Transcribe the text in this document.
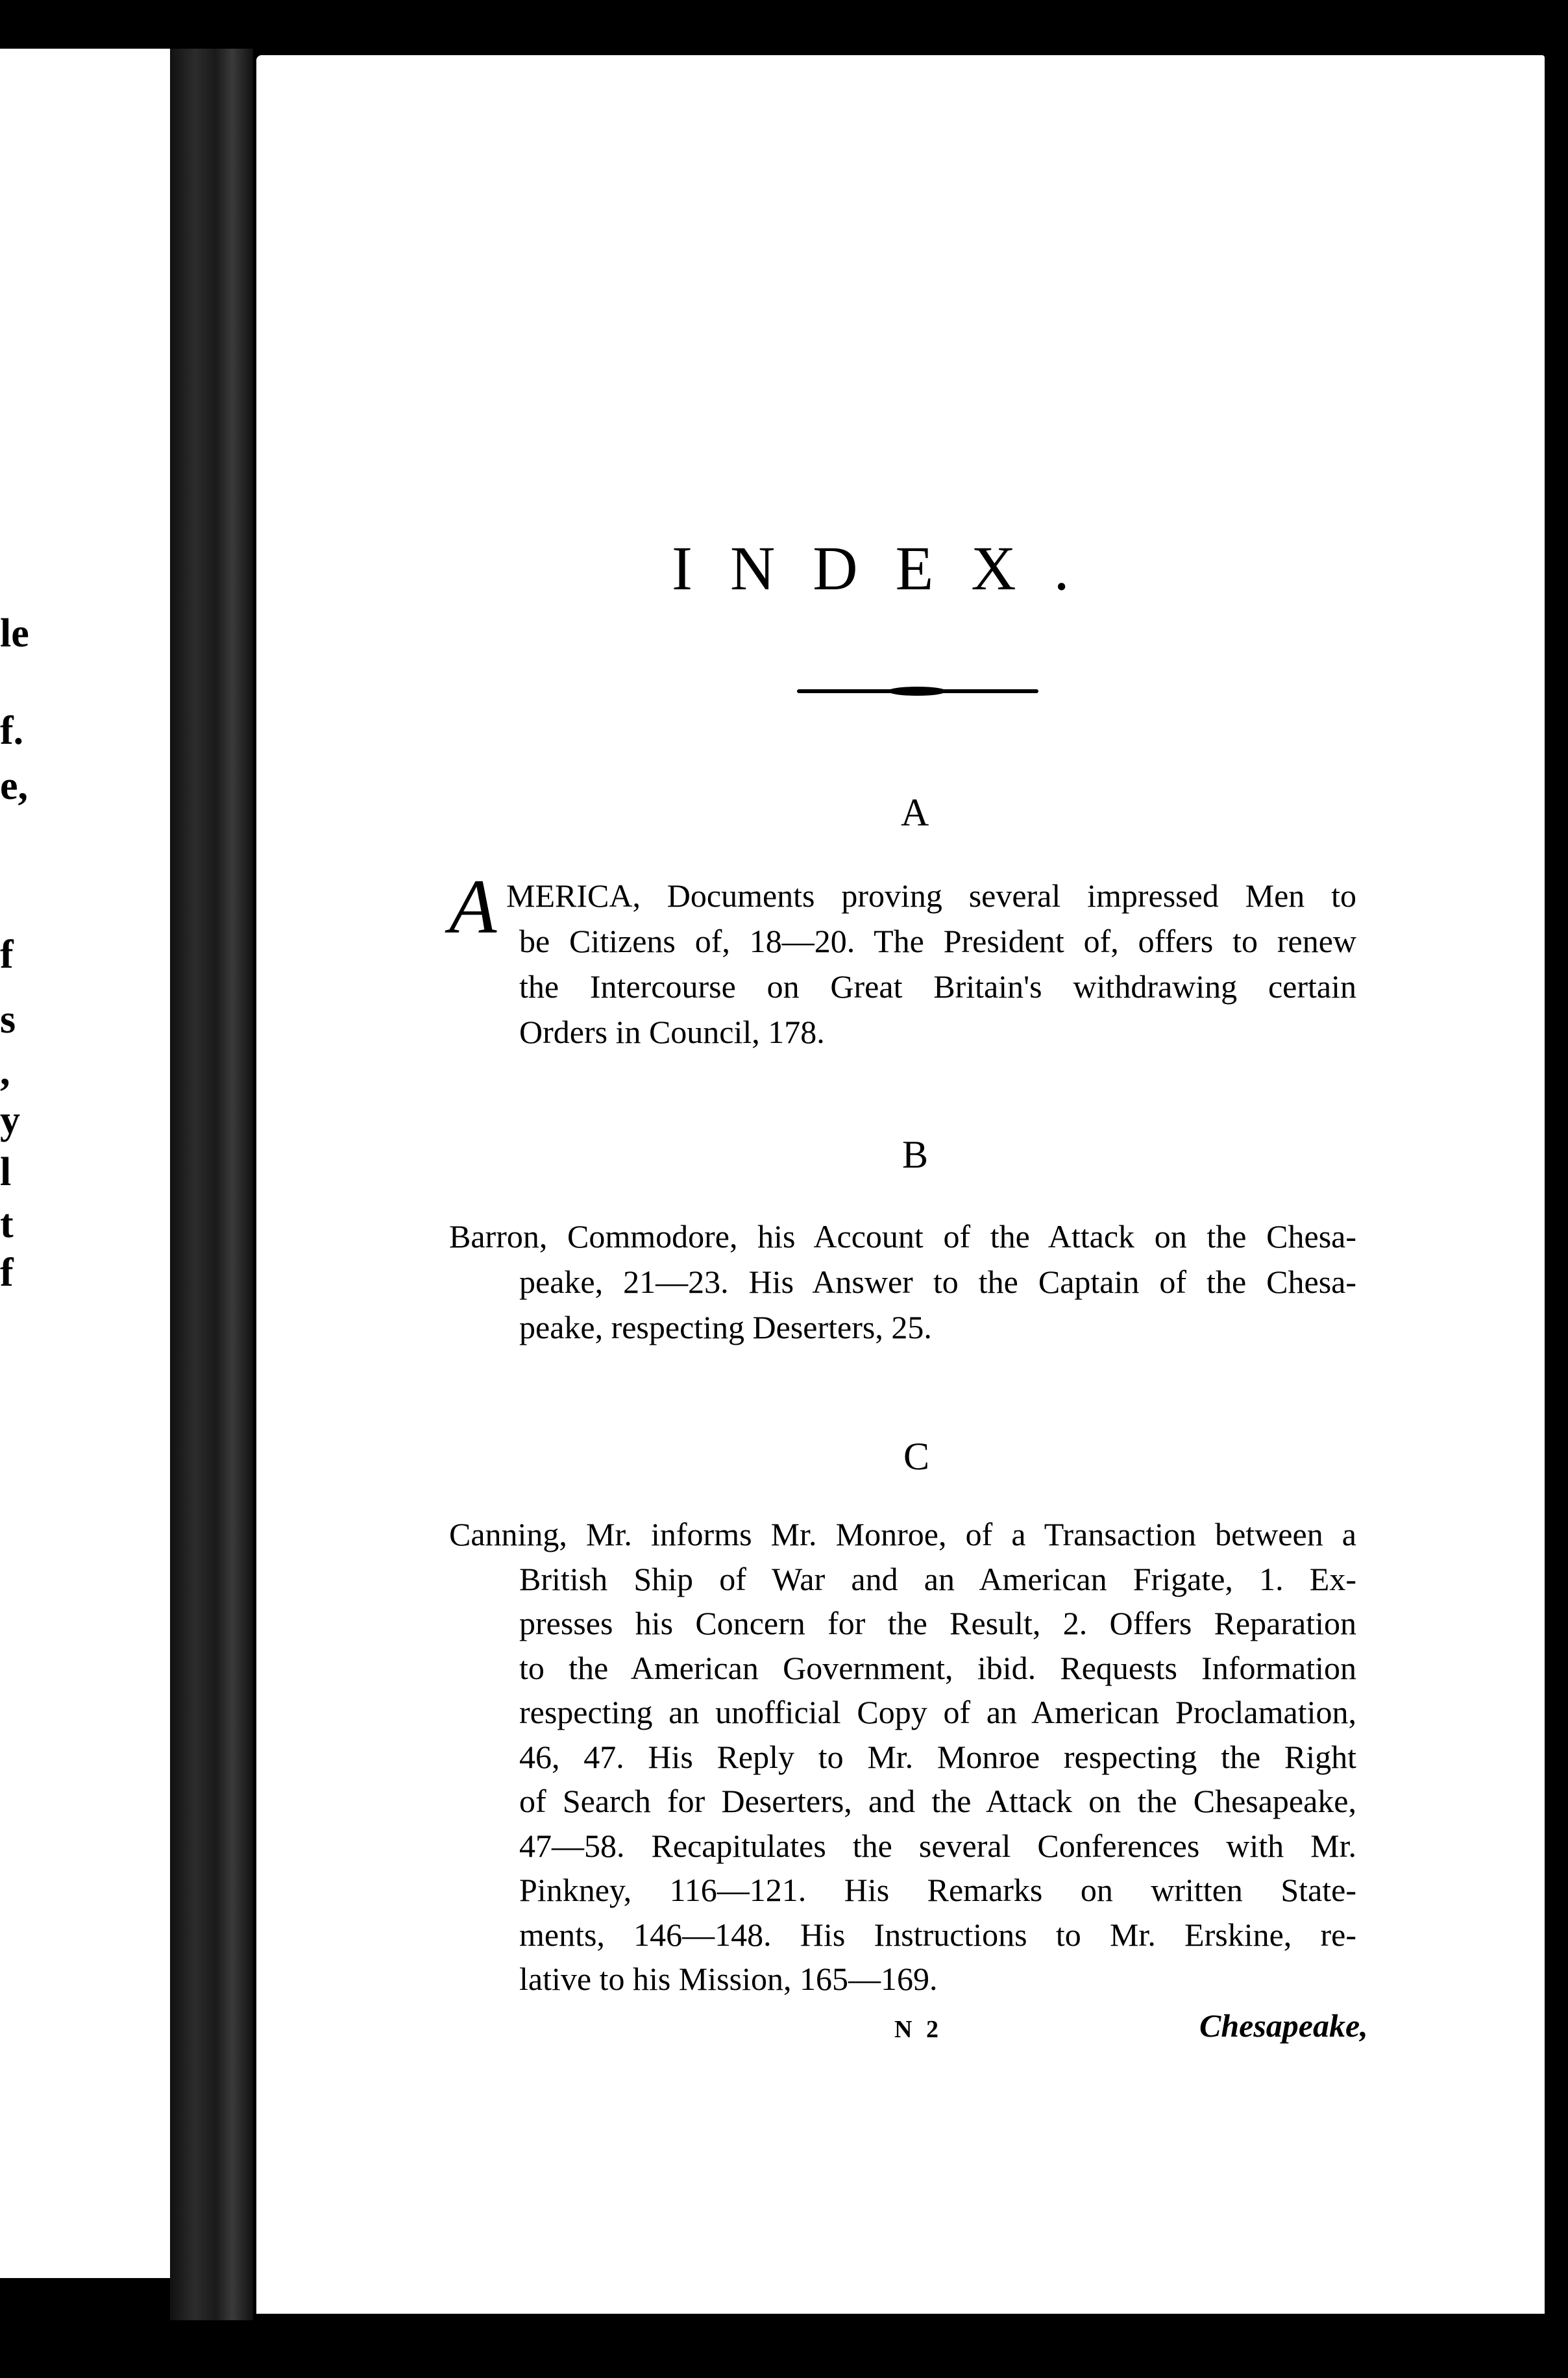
le
f.
e,
f
s
,
y
l
t
f
INDEX.
A
A MERICA, Documents proving several impressed Men to
be Citizens of, 18—20. The President of, offers to renew
the Intercourse on Great Britain's withdrawing certain
Orders in Council, 178.
B
Barron, Commodore, his Account of the Attack on the Chesa-
peake, 21—23. His Answer to the Captain of the Chesa-
peake, respecting Deserters, 25.
C
Canning, Mr. informs Mr. Monroe, of a Transaction between a
British Ship of War and an American Frigate, 1. Ex-
presses his Concern for the Result, 2. Offers Reparation
to the American Government, ibid. Requests Information
respecting an unofficial Copy of an American Proclamation,
46, 47. His Reply to Mr. Monroe respecting the Right
of Search for Deserters, and the Attack on the Chesapeake,
47—58. Recapitulates the several Conferences with Mr.
Pinkney, 116—121. His Remarks on written State-
ments, 146—148. His Instructions to Mr. Erskine, re-
lative to his Mission, 165—169.
N 2	Chesapeake,
